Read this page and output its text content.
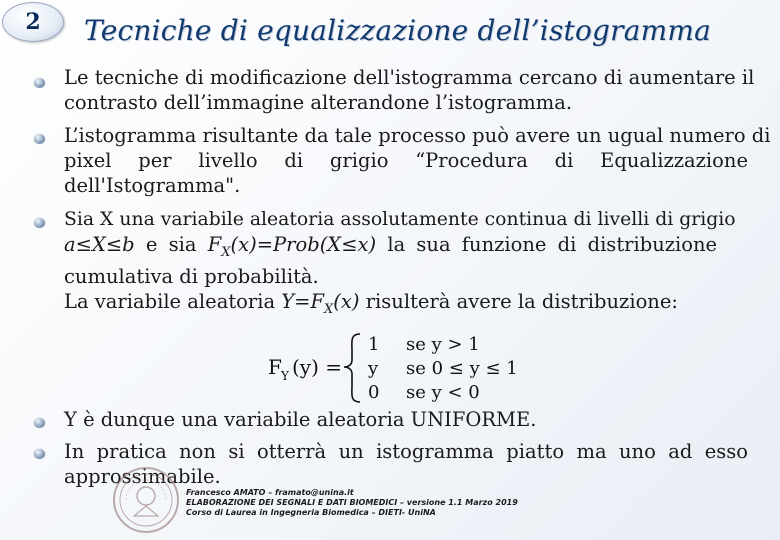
2 Tecniche di equalizzazione dell’istogramma
Le tecniche di modificazione dell'istogramma cercano di aumentare il
contrasto dell’immagine alterandone l’istogramma.
L’istogramma risultante da tale processo può avere un ugual numero di
pixel per livello di grigio “Procedura di Equalizzazione
dell'Istogramma".
Sia X una variabile aleatoria assolutamente continua di livelli di grigio
a≤X≤b e sia $F_X(x)=Prob(X\le x)$ la sua funzione di distribuzione
cumulativa di probabilità.
La variabile aleatoria $Y=F_X(x)$ risulterà avere la distribuzione:
F Y (y) =
1 se y > 1
y se 0 ≤ y ≤ 1
0 se y < 0
Y è dunque una variabile aleatoria UNIFORME.
In pratica non si otterrà un istogramma piatto ma uno ad esso
approssimabile.
Francesco AMATO – framato@unina.it
ELABORAZIONE DEI SEGNALI E DATI BIOMEDICI – versione 1.1 Marzo 2019
Corso di Laurea in Ingegneria Biomedica – DIETI- UniNA
